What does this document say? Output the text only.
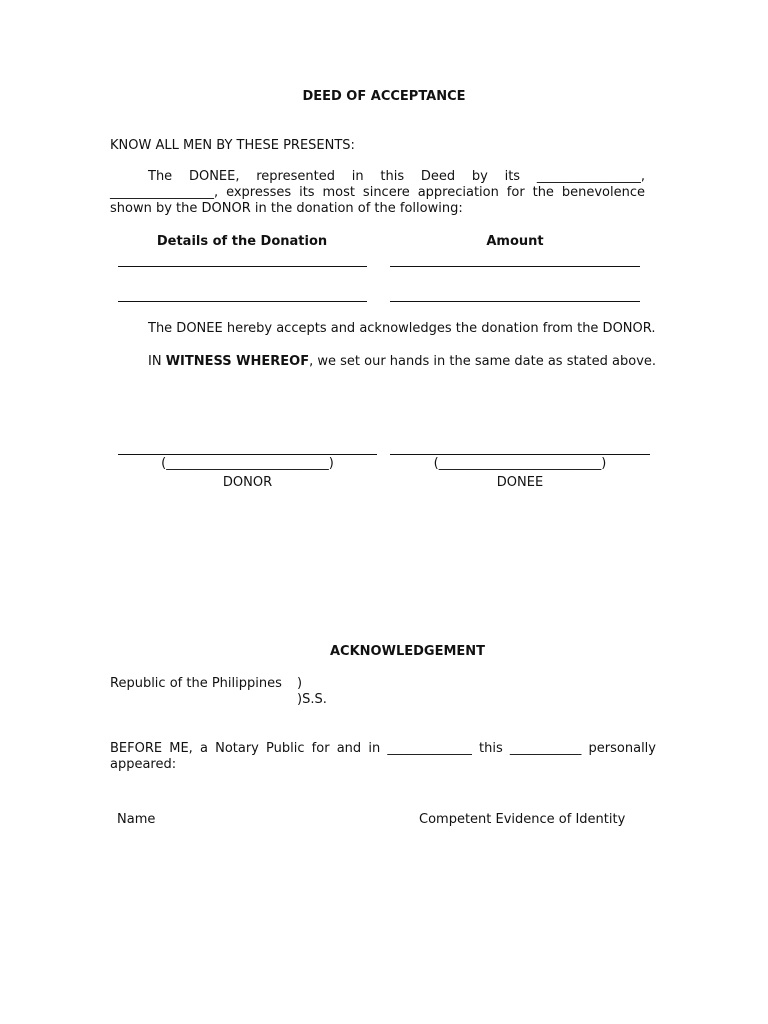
DEED OF ACCEPTANCE
KNOW ALL MEN BY THESE PRESENTS:
The DONEE, represented in this Deed by its ________________,
________________, expresses its most sincere appreciation for the benevolence
shown by the DONOR in the donation of the following:
Details of the Donation	Amount
The DONEE hereby accepts and acknowledges the donation from the DONOR.
IN WITNESS WHEREOF, we set our hands in the same date as stated above.
(_________________________)	(_________________________)
DONOR	DONEE
ACKNOWLEDGEMENT
Republic of the Philippines )
)S.S.
BEFORE ME, a Notary Public for and in _____________ this ___________ personally
appeared:
Name	Competent Evidence of Identity
